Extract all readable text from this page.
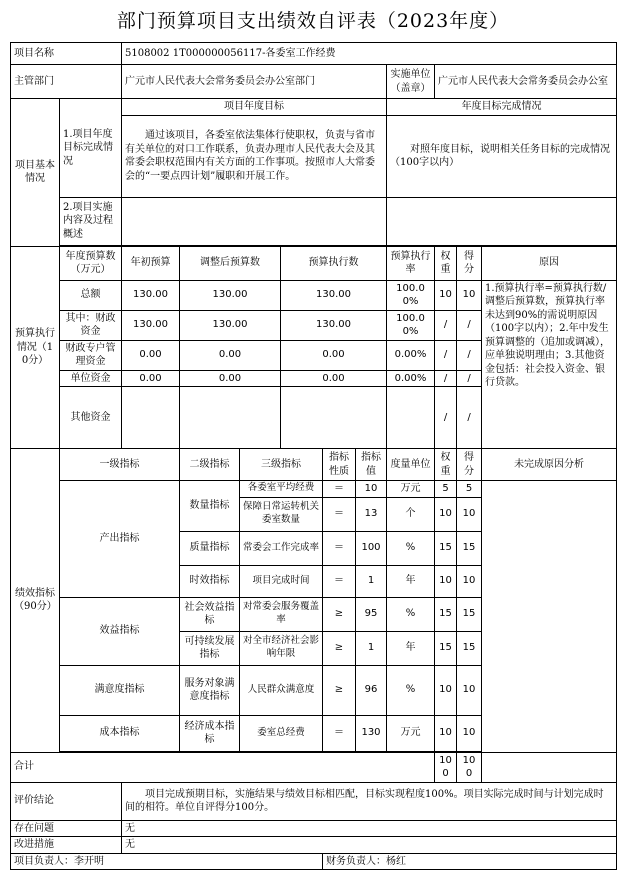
部门预算项目支出绩效自评表（2023年度）
项目名称		5108002 1T000000056117-各委室工作经费									
主管部门		广元市人民代表大会常务委员会办公室部门						实施单位（盖章）	广元市人民代表大会常务委员会办公室		
项目基本情况	1.项目年度目标完成情况	项目年度目标						年度目标完成情况			
		通过该项目，各委室依法集体行使职权，负责与省市有关单位的对口工作联系，负责办理市人民代表大会及其常委会职权范围内有关方面的工作事项。按照市人大常委会的“一要点四计划”履职和开展工作。						对照年度目标，说明相关任务目标的完成情况（100字以内）			
	2.项目实施内容及过程概述										

预算执行情况（10分）	年度预算数（万元）	年初预算	调整后预算数		预算执行数			预算执行率	权重	得分	原因
	总额	130.00	130.00		130.00			100.00%	10	10	1.预算执行率=预算执行数/调整后预算数，预算执行率未达到90%的需说明原因（100字以内）；2.年中发生预算调整的（追加或调减），应单独说明理由；3.其他资金包括：社会投入资金、银行贷款。
	其中：财政资金	130.00	130.00		130.00			100.00%	/	/	
	财政专户管理资金	0.00	0.00		0.00			0.00%	/	/	
	单位资金	0.00	0.00		0.00			0.00%	/	/	
	其他资金								/	/	
绩效指标（90分）	一级指标		二级指标	三级指标		指标性质	指标值	度量单位	权重	得分	未完成原因分析
	产出指标		数量指标	各委室平均经费		＝	10	万元	5	5	
				保障日常运转机关委室数量		＝	13	个	10	10	
			质量指标	常委会工作完成率		＝	100	%	15	15	
			时效指标	项目完成时间		＝	1	年	10	10	
	效益指标		社会效益指标	对常委会服务覆盖率		≥	95	%	15	15	
			可持续发展指标	对全市经济社会影响年限		≥	1	年	15	15	
	满意度指标		服务对象满意度指标	人民群众满意度		≥	96	%	10	10	
	成本指标		经济成本指标	委室总经费		＝	130	万元	10	10	

合计									100	100	
评价结论		项目完成预期目标，实施结果与绩效目标相匹配，目标实现程度100%。项目实际完成时间与计划完成时间的相符。单位自评得分100分。									
存在问题		无									
改进措施		无									
项目负责人：李开明						财务负责人：杨红					
